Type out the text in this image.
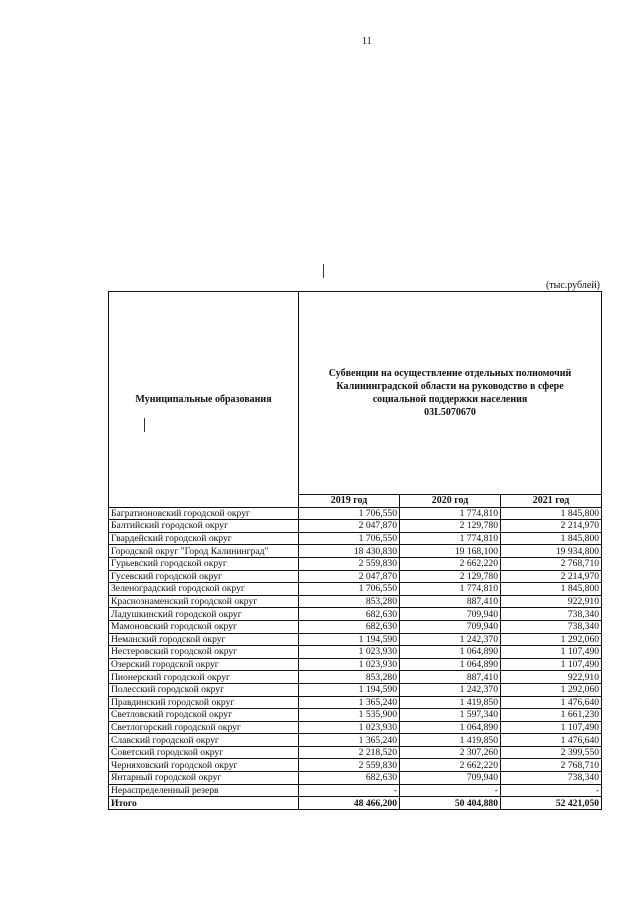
11
(тыс.рублей)
Муниципальные образования	Субвенции на осуществление отдельных полномочий Калининградской области на руководство в сфере социальной поддержки населения
03L5070670		
	2019 год	2020 год	2021 год
Багратионовский городской округ	1 706,550	1 774,810	1 845,800
Балтийский городской округ	2 047,870	2 129,780	2 214,970
Гвардейский городской округ	1 706,550	1 774,810	1 845,800
Городской округ "Город Калининград"	18 430,830	19 168,100	19 934,800
Гурьевский городской округ	2 559,830	2 662,220	2 768,710
Гусевский городской округ	2 047,870	2 129,780	2 214,970
Зеленоградский городской округ	1 706,550	1 774,810	1 845,800
Краснознаменский городской округ	853,280	887,410	922,910
Ладушкинский городской округ	682,630	709,940	738,340
Мамоновский городской округ	682,630	709,940	738,340
Неманский городской округ	1 194,590	1 242,370	1 292,060
Нестеровский городской округ	1 023,930	1 064,890	1 107,490
Озерский городской округ	1 023,930	1 064,890	1 107,490
Пионерский городской округ	853,280	887,410	922,910
Полесский городской округ	1 194,590	1 242,370	1 292,060
Правдинский городской округ	1 365,240	1 419,850	1 476,640
Светловский городской округ	1 535,900	1 597,340	1 661,230
Светлогорский городской округ	1 023,930	1 064,890	1 107,490
Славский городской округ	1 365,240	1 419,850	1 476,640
Советский городской округ	2 218,520	2 307,260	2 399,550
Черняховский городской округ	2 559,830	2 662,220	2 768,710
Янтарный городской округ	682,630	709,940	738,340
Нераспределенный резерв	-	-	-
Итого	48 466,200	50 404,880	52 421,050
